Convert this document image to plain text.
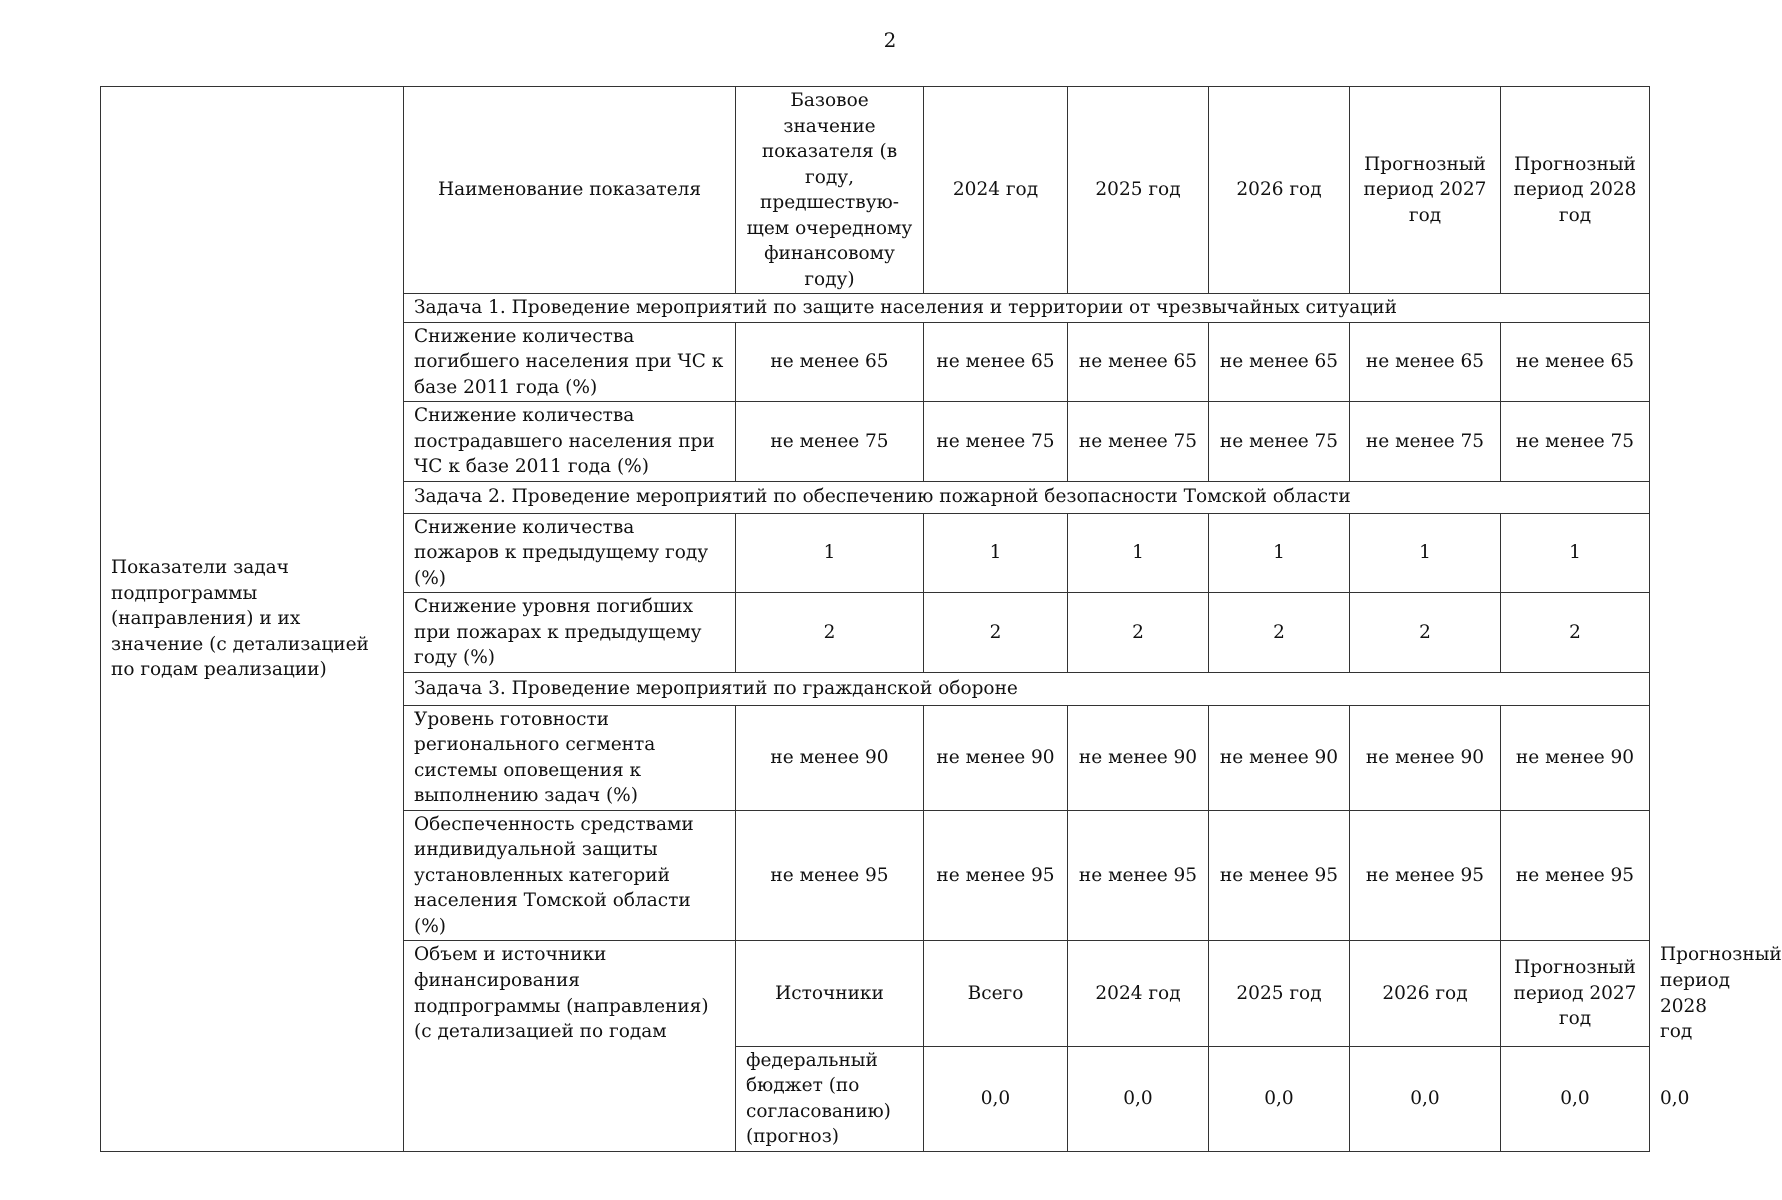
2
Показатели задач подпрограммы (направления) и их значение (с детализацией по годам реализации)	Наименование показателя	Базовое значение показателя (в году, предшествую-щем очередному финансовому году)	2024 год	2025 год	2026 год	Прогнозный период 2027 год	Прогнозный период 2028 год	
	Задача 1. Проведение мероприятий по защите населения и территории от чрезвычайных ситуаций							
	Снижение количества погибшего населения при ЧС к базе 2011 года (%)	не менее 65	не менее 65	не менее 65	не менее 65	не менее 65	не менее 65	
	Снижение количества пострадавшего населения при ЧС к базе 2011 года (%)	не менее 75	не менее 75	не менее 75	не менее 75	не менее 75	не менее 75	
	Задача 2. Проведение мероприятий по обеспечению пожарной безопасности Томской области							
	Снижение количества пожаров к предыдущему году (%)	1	1	1	1	1	1	
	Снижение уровня погибших при пожарах к предыдущему году (%)	2	2	2	2	2	2	
	Задача 3. Проведение мероприятий по гражданской обороне							
	Уровень готовности регионального сегмента системы оповещения к выполнению задач (%)	не менее 90	не менее 90	не менее 90	не менее 90	не менее 90	не менее 90	
	Обеспеченность средствами индивидуальной защиты установленных категорий населения Томской области (%)	не менее 95	не менее 95	не менее 95	не менее 95	не менее 95	не менее 95	
	Объем и источники финансирования подпрограммы (направления) (с детализацией по годам	Источники	Всего	2024 год	2025 год	2026 год	Прогнозный период 2027 год	Прогнозный период 2028 год
		федеральный бюджет (по согласованию) (прогноз)	0,0	0,0	0,0	0,0	0,0	0,0
